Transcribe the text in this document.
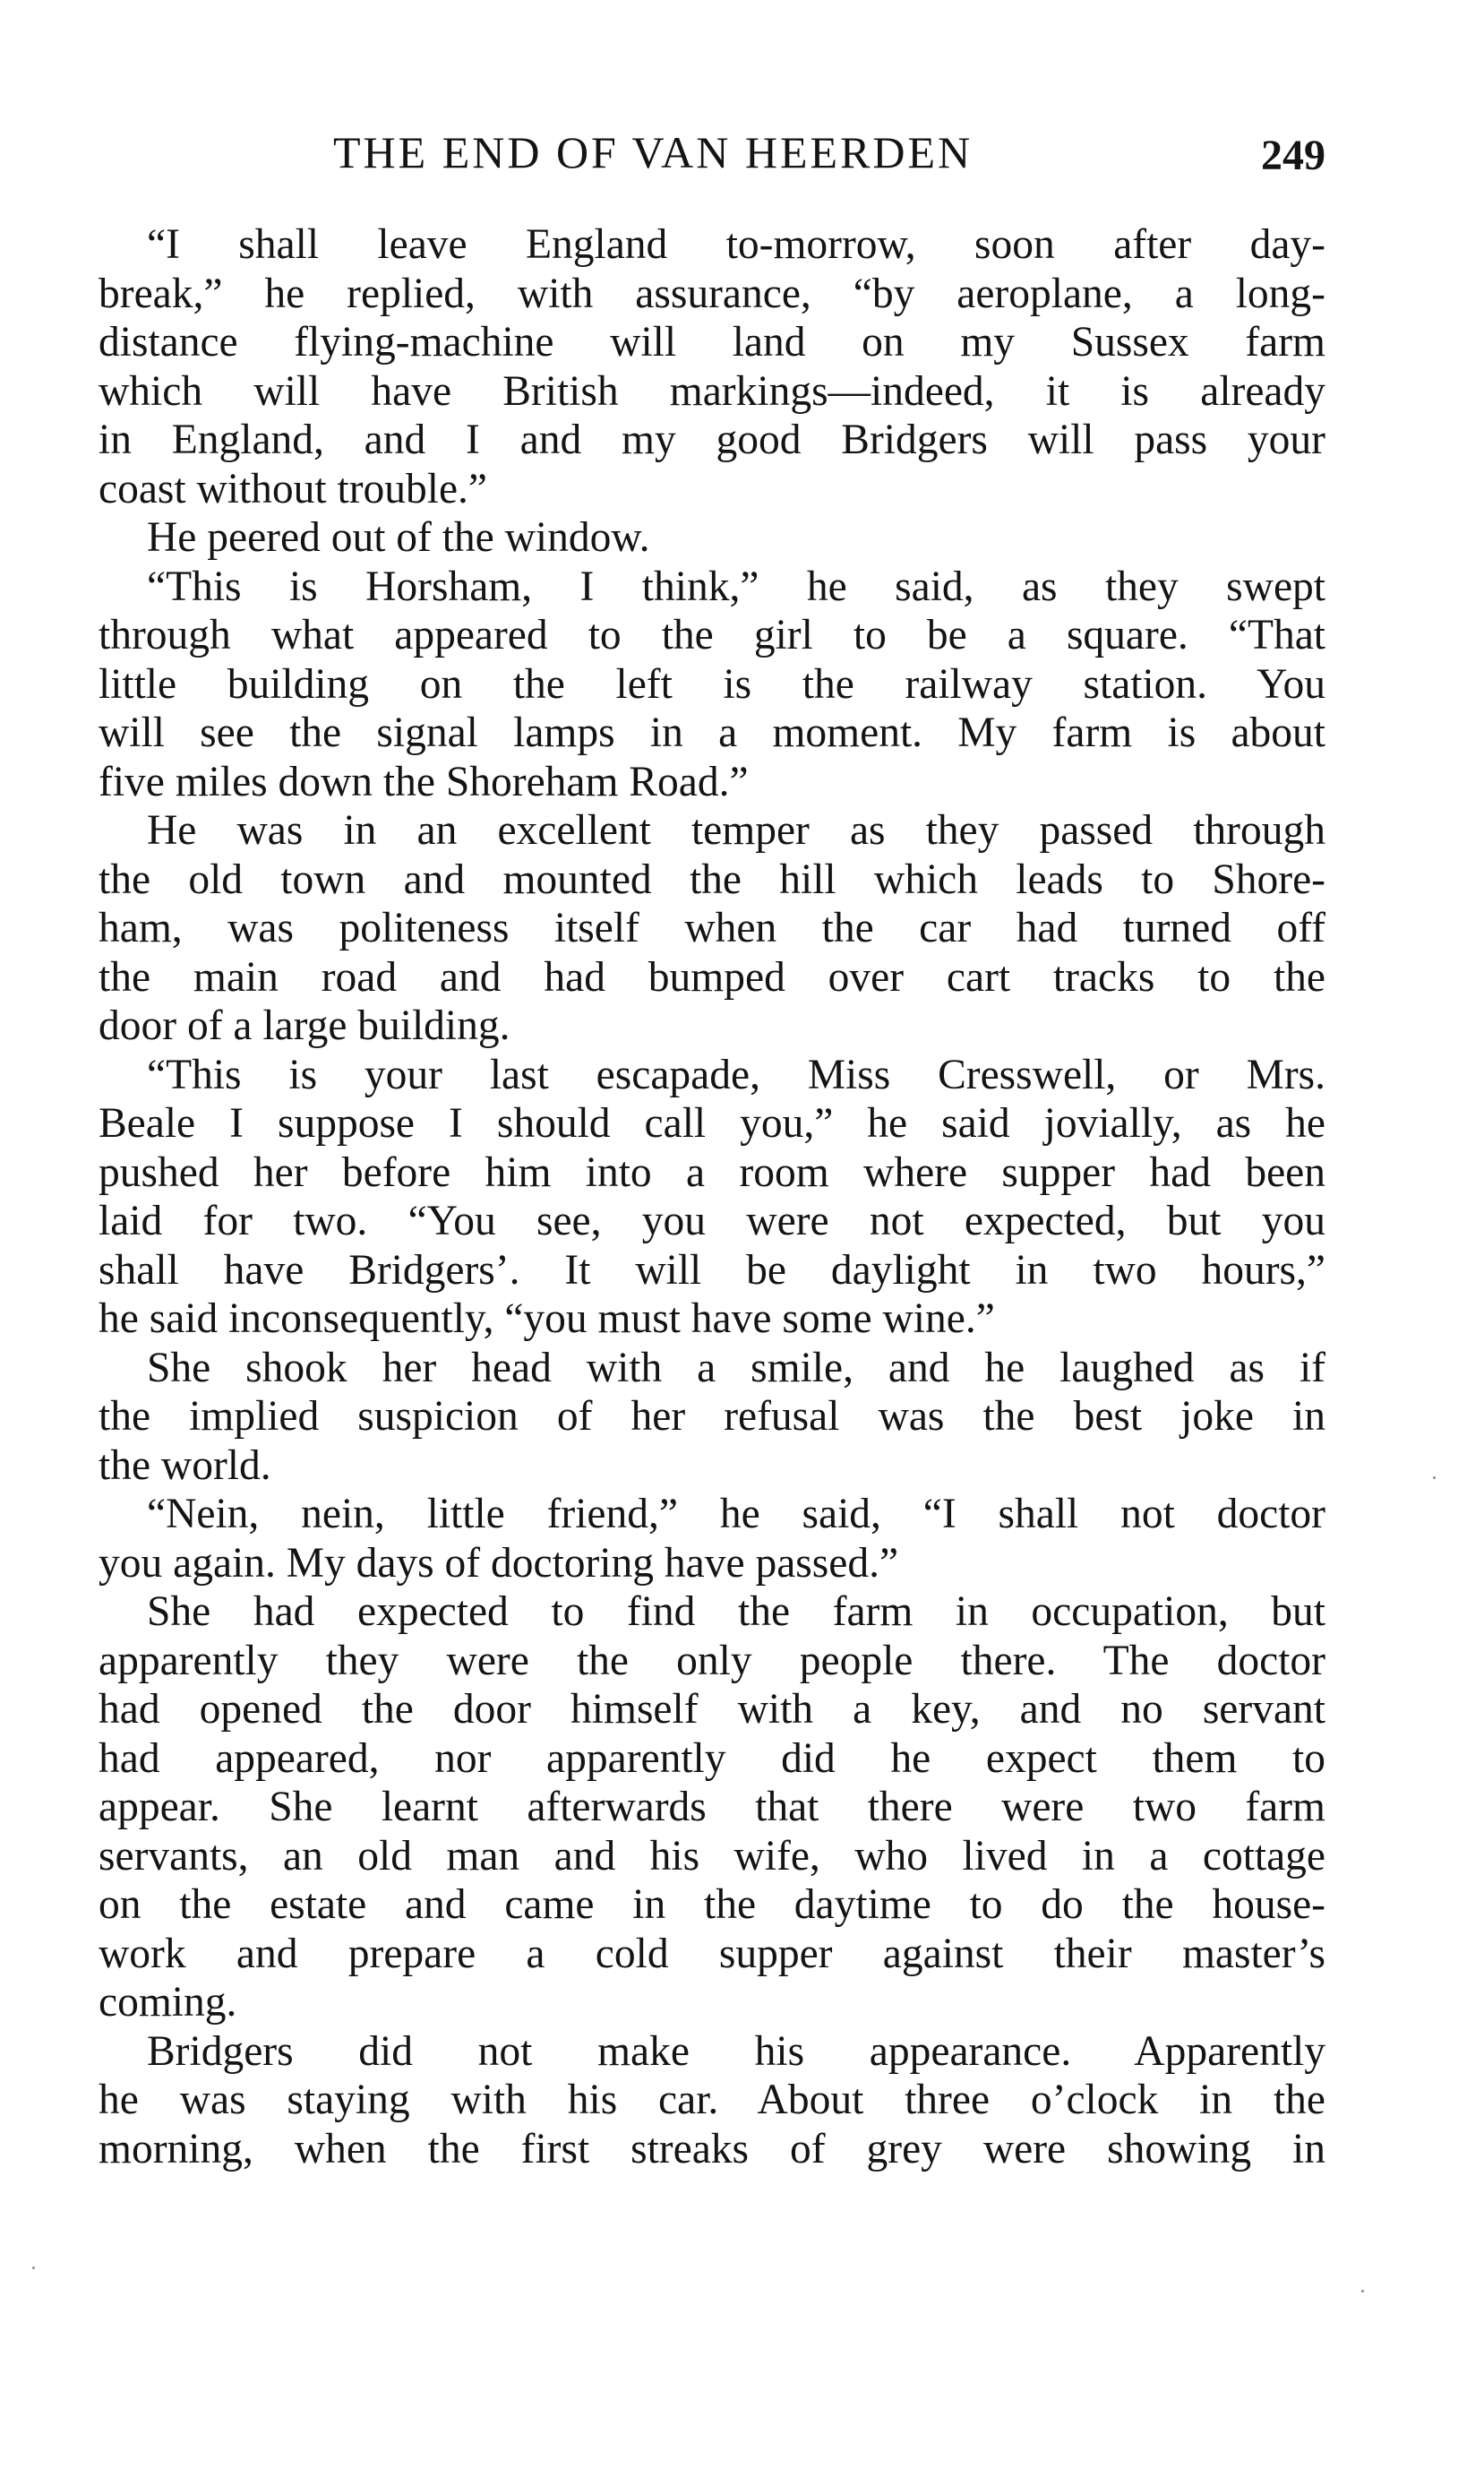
THE END OF VAN HEERDEN	249
“I shall leave England to-morrow, soon after day-
break,” he replied, with assurance, “by aeroplane, a long-
distance flying-machine will land on my Sussex farm
which will have British markings—indeed, it is already
in England, and I and my good Bridgers will pass your
coast without trouble.”
He peered out of the window.
“This is Horsham, I think,” he said, as they swept
through what appeared to the girl to be a square. “That
little building on the left is the railway station. You
will see the signal lamps in a moment. My farm is about
five miles down the Shoreham Road.”
He was in an excellent temper as they passed through
the old town and mounted the hill which leads to Shore-
ham, was politeness itself when the car had turned off
the main road and had bumped over cart tracks to the
door of a large building.
“This is your last escapade, Miss Cresswell, or Mrs.
Beale I suppose I should call you,” he said jovially, as he
pushed her before him into a room where supper had been
laid for two. “You see, you were not expected, but you
shall have Bridgers’. It will be daylight in two hours,”
he said inconsequently, “you must have some wine.”
She shook her head with a smile, and he laughed as if
the implied suspicion of her refusal was the best joke in
the world.
“Nein, nein, little friend,” he said, “I shall not doctor
you again. My days of doctoring have passed.”
She had expected to find the farm in occupation, but
apparently they were the only people there. The doctor
had opened the door himself with a key, and no servant
had appeared, nor apparently did he expect them to
appear. She learnt afterwards that there were two farm
servants, an old man and his wife, who lived in a cottage
on the estate and came in the daytime to do the house-
work and prepare a cold supper against their master’s
coming.
Bridgers did not make his appearance. Apparently
he was staying with his car. About three o’clock in the
morning, when the first streaks of grey were showing in
